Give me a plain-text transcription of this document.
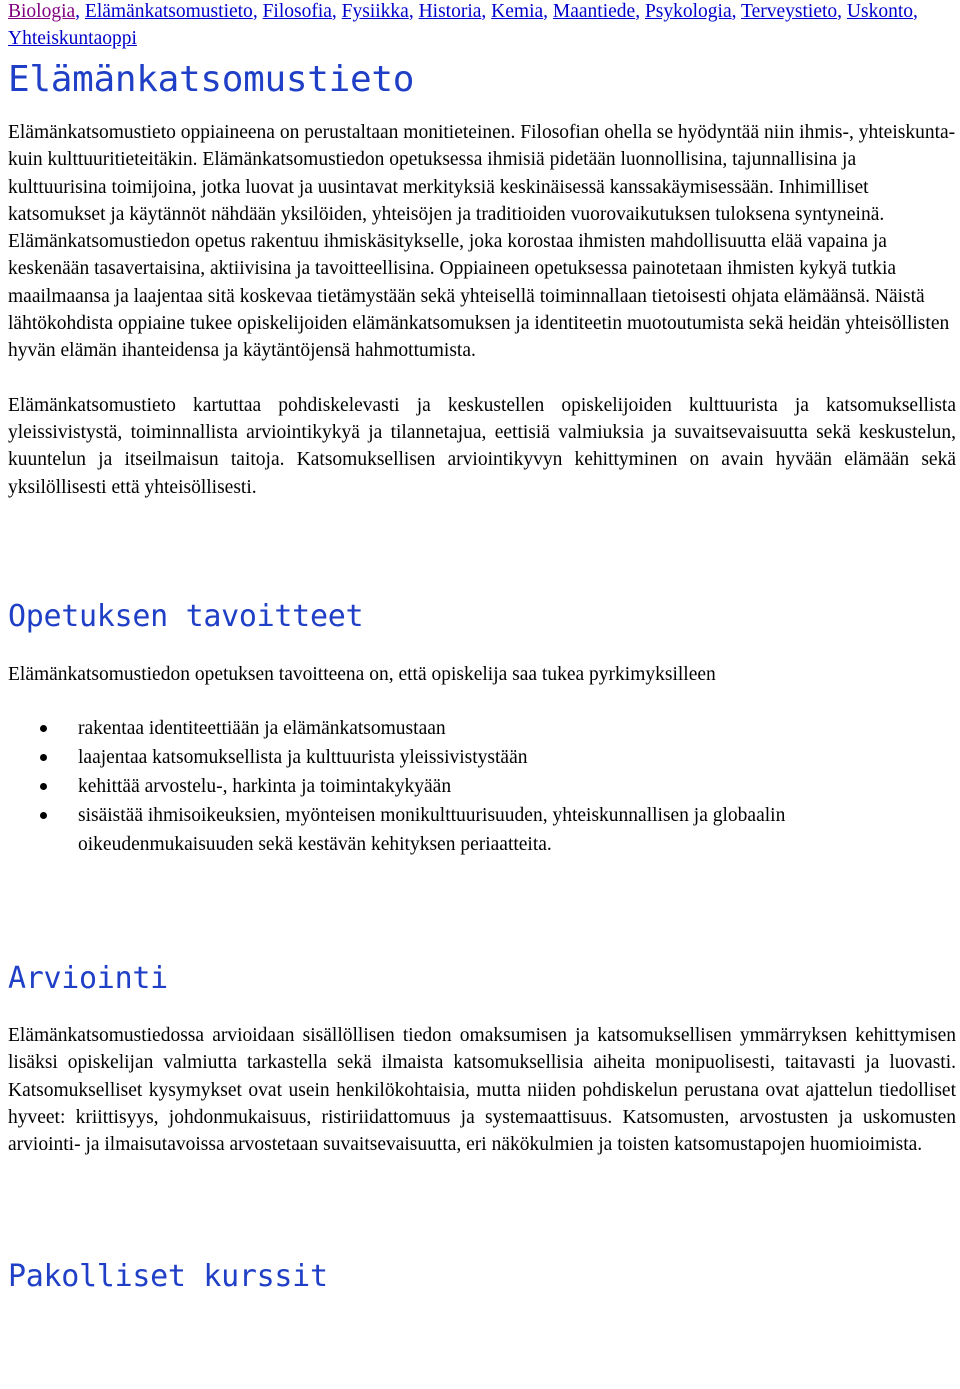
Biologia, Elämänkatsomustieto, Filosofia, Fysiikka, Historia, Kemia, Maantiede, Psykologia, Terveystieto, Uskonto, Yhteiskuntaoppi
Elämänkatsomustieto

Elämänkatsomustieto oppiaineena on perustaltaan monitieteinen. Filosofian ohella se hyödyntää niin ihmis-, yhteiskunta- kuin kulttuuritieteitäkin. Elämänkatsomustiedon opetuksessa ihmisiä pidetään luonnollisina, tajunnallisina ja kulttuurisina toimijoina, jotka luovat ja uusintavat merkityksiä keskinäisessä kanssakäymisessään. Inhimilliset katsomukset ja käytännöt nähdään yksilöiden, yhteisöjen ja traditioiden vuorovaikutuksen tuloksena syntyneinä. Elämänkatsomustiedon opetus rakentuu ihmiskäsitykselle, joka korostaa ihmisten mahdollisuutta elää vapaina ja keskenään tasavertaisina, aktiivisina ja tavoitteellisina. Oppiaineen opetuksessa painotetaan ihmisten kykyä tutkia maailmaansa ja laajentaa sitä koskevaa tietämystään sekä yhteisellä toiminnallaan tietoisesti ohjata elämäänsä. Näistä lähtökohdista oppiaine tukee opiskelijoiden elämänkatsomuksen ja identiteetin muotoutumista sekä heidän yhteisöllisten hyvän elämän ihanteidensa ja käytäntöjensä hahmottumista.

Elämänkatsomustieto kartuttaa pohdiskelevasti ja keskustellen opiskelijoiden kulttuurista ja katsomuksellista yleissivistystä, toiminnallista arviointikykyä ja tilannetajua, eettisiä valmiuksia ja suvaitsevaisuutta sekä keskustelun, kuuntelun ja itseilmaisun taitoja. Katsomuksellisen arviointikyvyn kehittyminen on avain hyvään elämään sekä yksilöllisesti että yhteisöllisesti.

Opetuksen tavoitteet

Elämänkatsomustiedon opetuksen tavoitteena on, että opiskelija saa tukea pyrkimyksilleen

rakentaa identiteettiään ja elämänkatsomustaan
laajentaa katsomuksellista ja kulttuurista yleissivistystään
kehittää arvostelu-, harkinta ja toimintakykyään
sisäistää ihmisoikeuksien, myönteisen monikulttuurisuuden, yhteiskunnallisen ja globaalin oikeudenmukaisuuden sekä kestävän kehityksen periaatteita.
Arviointi

Elämänkatsomustiedossa arvioidaan sisällöllisen tiedon omaksumisen ja katsomuksellisen ymmärryksen kehittymisen lisäksi opiskelijan valmiutta tarkastella sekä ilmaista katsomuksellisia aiheita monipuolisesti, taitavasti ja luovasti. Katsomukselliset kysymykset ovat usein henkilökohtaisia, mutta niiden pohdiskelun perustana ovat ajattelun tiedolliset hyveet: kriittisyys, johdonmukaisuus, ristiriidattomuus ja systemaattisuus. Katsomusten, arvostusten ja uskomusten arviointi- ja ilmaisutavoissa arvostetaan suvaitsevaisuutta, eri näkökulmien ja toisten katsomustapojen huomioimista.

Pakolliset kurssit
